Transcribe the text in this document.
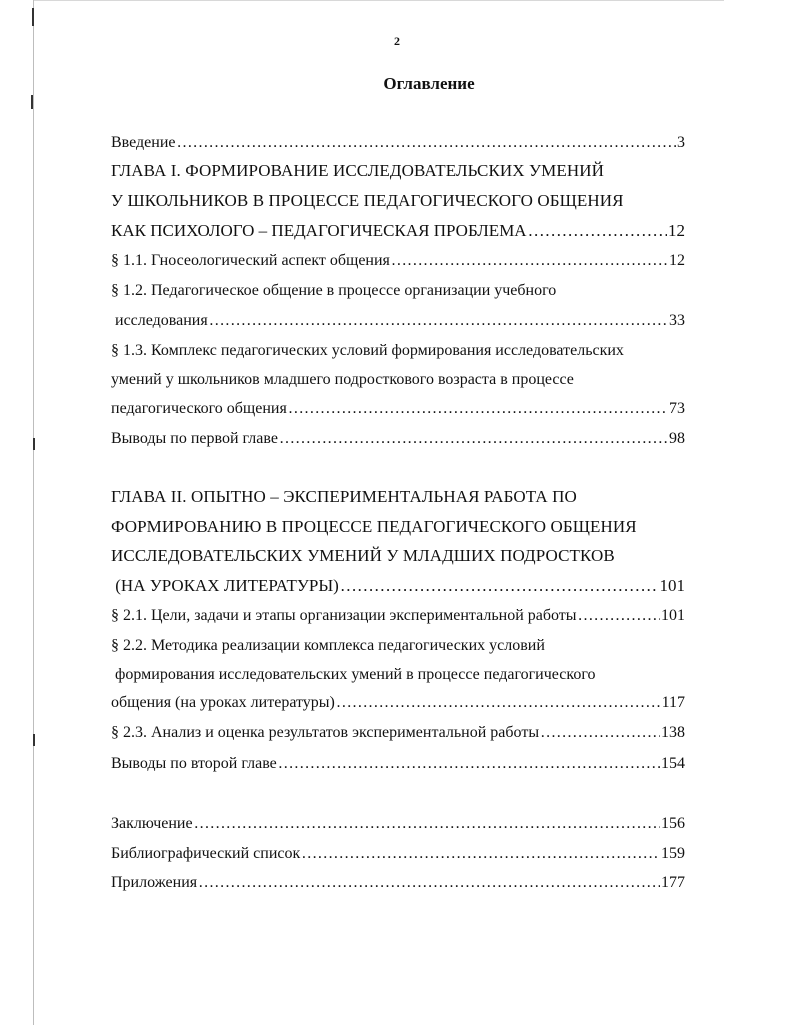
2
Оглавление
Введение …………………………………………………………………………………………………………………………………………………………	3
ГЛАВА I. ФОРМИРОВАНИЕ ИССЛЕДОВАТЕЛЬСКИХ УМЕНИЙ
У ШКОЛЬНИКОВ В ПРОЦЕССЕ ПЕДАГОГИЧЕСКОГО ОБЩЕНИЯ
КАК ПСИХОЛОГО – ПЕДАГОГИЧЕСКАЯ ПРОБЛЕМА …………………………………………………………………………………………………………………………………………………………	12
§ 1.1. Гносеологический аспект общения …………………………………………………………………………………………………………………………………………………………	12
§ 1.2. Педагогическое общение в процессе организации учебного
исследования …………………………………………………………………………………………………………………………………………………………	33
§ 1.3. Комплекс педагогических условий формирования исследовательских
умений у школьников младшего подросткового возраста в процессе
педагогического общения …………………………………………………………………………………………………………………………………………………………	73
Выводы по первой главе …………………………………………………………………………………………………………………………………………………………	98
ГЛАВА II. ОПЫТНО – ЭКСПЕРИМЕНТАЛЬНАЯ РАБОТА ПО
ФОРМИРОВАНИЮ В ПРОЦЕССЕ ПЕДАГОГИЧЕСКОГО ОБЩЕНИЯ
ИССЛЕДОВАТЕЛЬСКИХ УМЕНИЙ У МЛАДШИХ ПОДРОСТКОВ
(НА УРОКАХ ЛИТЕРАТУРЫ) …………………………………………………………………………………………………………………………………………………………	101
§ 2.1. Цели, задачи и этапы организации экспериментальной работы …………………………………………………………………………………………………………………………………………………………	101
§ 2.2. Методика реализации комплекса педагогических условий
формирования исследовательских умений в процессе педагогического
общения (на уроках литературы) …………………………………………………………………………………………………………………………………………………………	117
§ 2.3. Анализ и оценка результатов экспериментальной работы …………………………………………………………………………………………………………………………………………………………	138
Выводы по второй главе …………………………………………………………………………………………………………………………………………………………	154
Заключение …………………………………………………………………………………………………………………………………………………………	156
Библиографический список …………………………………………………………………………………………………………………………………………………………	159
Приложения …………………………………………………………………………………………………………………………………………………………	177
